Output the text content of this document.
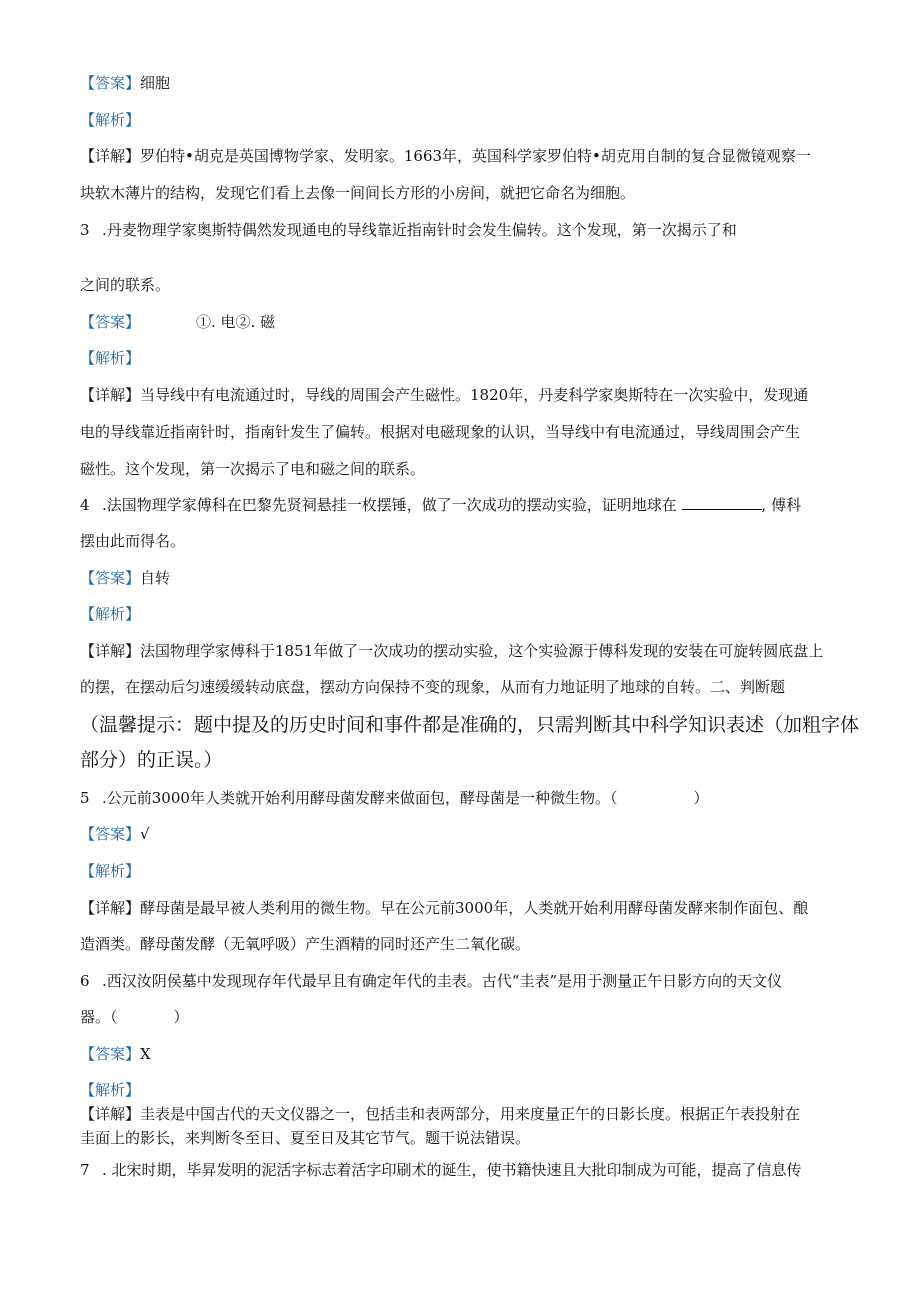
【答案】细胞
【解析】
【详解】罗伯特•胡克是英国博物学家、发明家。1663年，英国科学家罗伯特•胡克用自制的复合显微镜观察一
块软木薄片的结构，发现它们看上去像一间间长方形的小房间，就把它命名为细胞。
3 .丹麦物理学家奥斯特偶然发现通电的导线靠近指南针时会发生偏转。这个发现，第一次揭示了和
之间的联系。
【答案】	①. 电②. 磁
【解析】
【详解】当导线中有电流通过时，导线的周围会产生磁性。1820年，丹麦科学家奥斯特在一次实验中，发现通
电的导线靠近指南针时，指南针发生了偏转。根据对电磁现象的认识，当导线中有电流通过，导线周围会产生
磁性。这个发现，第一次揭示了电和磁之间的联系。
4 .法国物理学家傅科在巴黎先贤祠悬挂一枚摆锤，做了一次成功的摆动实验，证明地球在	, 傅科
摆由此而得名。
【答案】自转
【解析】
【详解】法国物理学家傅科于1851年做了一次成功的摆动实验，这个实验源于傅科发现的安装在可旋转圆底盘上
的摆，在摆动后匀速缓缓转动底盘，摆动方向保持不变的现象，从而有力地证明了地球的自转。二、判断题
（温馨提示：题中提及的历史时间和事件都是准确的，只需判断其中科学知识表述（加粗字体
部分）的正误。）
5 .公元前3000年人类就开始利用酵母菌发酵来做面包，酵母菌是一种微生物。（	）
【答案】√
【解析】
【详解】酵母菌是最早被人类利用的微生物。早在公元前3000年，人类就开始利用酵母菌发酵来制作面包、酿
造酒类。酵母菌发酵（无氧呼吸）产生酒精的同时还产生二氧化碳。
6 .西汉汝阴侯墓中发现现存年代最早且有确定年代的圭表。古代“圭表”是用于测量正午日影方向的天文仪
器。（	）
【答案】X
【解析】
【详解】圭表是中国古代的天文仪器之一，包括圭和表两部分，用来度量正午的日影长度。根据正午表投射在
圭面上的影长，来判断冬至日、夏至日及其它节气。题干说法错误。
7 . 北宋时期，毕昇发明的泥活字标志着活字印刷术的诞生，使书籍快速且大批印制成为可能，提高了信息传
